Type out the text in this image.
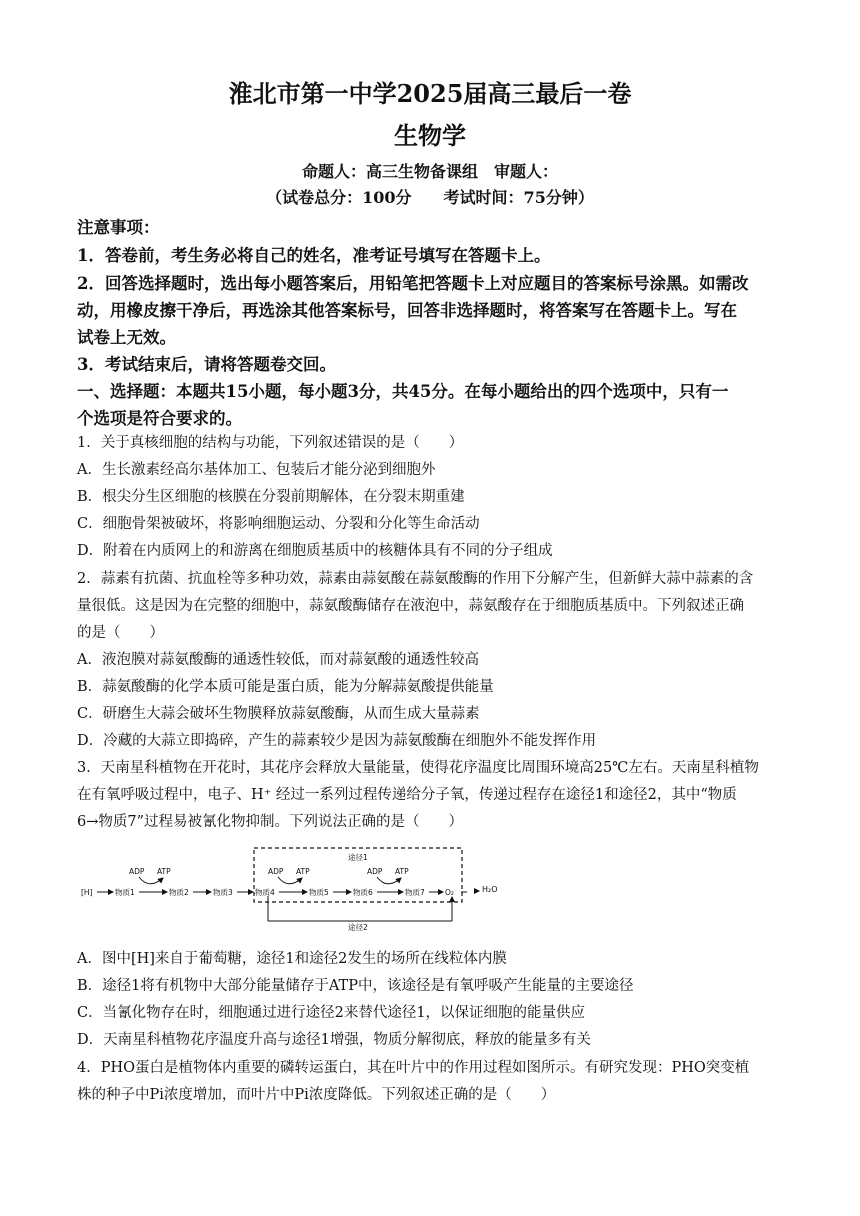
淮北市第一中学2025届高三最后一卷
生物学
命题人：高三生物备课组　审题人：
（试卷总分：100分　　考试时间：75分钟）
注意事项：
1．答卷前，考生务必将自己的姓名，准考证号填写在答题卡上。
2．回答选择题时，选出每小题答案后，用铅笔把答题卡上对应题目的答案标号涂黑。如需改
动，用橡皮擦干净后，再选涂其他答案标号，回答非选择题时，将答案写在答题卡上。写在
试卷上无效。
3．考试结束后，请将答题卷交回。
一、选择题：本题共15小题，每小题3分，共45分。在每小题给出的四个选项中，只有一
个选项是符合要求的。
1．关于真核细胞的结构与功能，下列叙述错误的是（　　）
A．生长激素经高尔基体加工、包装后才能分泌到细胞外
B．根尖分生区细胞的核膜在分裂前期解体，在分裂末期重建
C．细胞骨架被破坏，将影响细胞运动、分裂和分化等生命活动
D．附着在内质网上的和游离在细胞质基质中的核糖体具有不同的分子组成
2．蒜素有抗菌、抗血栓等多种功效，蒜素由蒜氨酸在蒜氨酸酶的作用下分解产生，但新鲜大蒜中蒜素的含
量很低。这是因为在完整的细胞中，蒜氨酸酶储存在液泡中，蒜氨酸存在于细胞质基质中。下列叙述正确
的是（　　）
A．液泡膜对蒜氨酸酶的通透性较低，而对蒜氨酸的通透性较高
B．蒜氨酸酶的化学本质可能是蛋白质，能为分解蒜氨酸提供能量
C．研磨生大蒜会破坏生物膜释放蒜氨酸酶，从而生成大量蒜素
D．冷藏的大蒜立即捣碎，产生的蒜素较少是因为蒜氨酸酶在细胞外不能发挥作用
3．天南星科植物在开花时，其花序会释放大量能量，使得花序温度比周围环境高25℃左右。天南星科植物
在有氧呼吸过程中，电子、H⁺ 经过一系列过程传递给分子氧，传递过程存在途径1和途径2，其中“物质
6→物质7”过程易被氰化物抑制。下列说法正确的是（　　）
途径1
途径2
[H]	物质1	物质2	物质3	物质4	物质5	物质6	物质7	O₂
ADP ATP	ADP ATP	ADP ATP
H₂O
A．图中[H]来自于葡萄糖，途径1和途径2发生的场所在线粒体内膜
B．途径1将有机物中大部分能量储存于ATP中，该途径是有氧呼吸产生能量的主要途径
C．当氰化物存在时，细胞通过进行途径2来替代途径1，以保证细胞的能量供应
D．天南星科植物花序温度升高与途径1增强，物质分解彻底，释放的能量多有关
4．PHO蛋白是植物体内重要的磷转运蛋白，其在叶片中的作用过程如图所示。有研究发现：PHO突变植
株的种子中Pi浓度增加，而叶片中Pi浓度降低。下列叙述正确的是（　　）
